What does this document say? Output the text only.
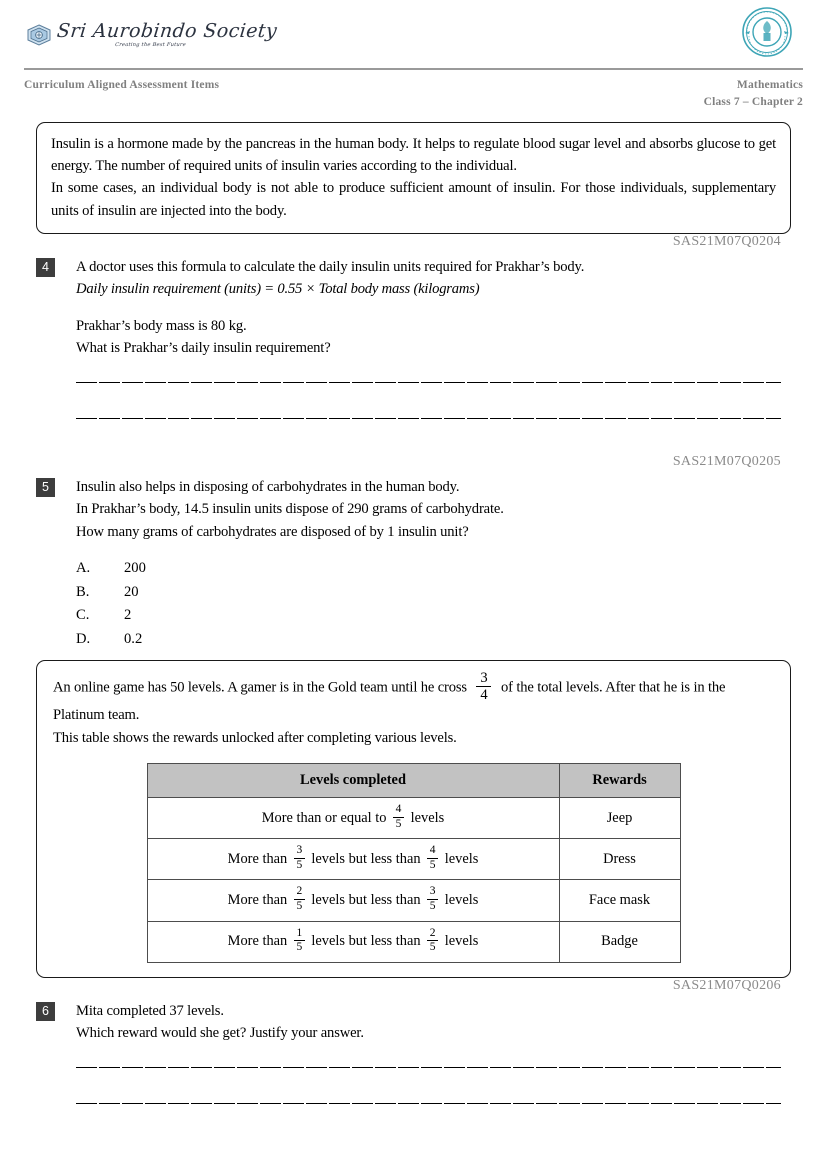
Sri Aurobindo Society
Creating the Best Future
Curriculum Aligned Assessment Items	Mathematics
Class 7 – Chapter 2

Insulin is a hormone made by the pancreas in the human body. It helps to regulate blood sugar level and absorbs glucose to get energy. The number of required units of insulin varies according to the individual.

In some cases, an individual body is not able to produce sufficient amount of insulin. For those individuals, supplementary units of insulin are injected into the body.

SAS21M07Q0204
4	A doctor uses this formula to calculate the daily insulin units required for Prakhar’s body.
Daily insulin requirement (units) = 0.55 × Total body mass (kilograms)
Prakhar’s body mass is 80 kg.
What is Prakhar’s daily insulin requirement?
SAS21M07Q0205
5	Insulin also helps in disposing of carbohydrates in the human body.
In Prakhar’s body, 14.5 insulin units dispose of 290 grams of carbohydrate.
How many grams of carbohydrates are disposed of by 1 insulin unit?
A.	200
B.	20
C.	2
D.	0.2

An online game has 50 levels. A gamer is in the Gold team until he cross $\frac{3}{4}$ of the total levels. After that he is in the Platinum team.

This table shows the rewards unlocked after completing various levels.

Levels completed	Rewards
More than or equal to $\frac{4}{5}$ levels	Jeep
More than $\frac{3}{5}$ levels but less than $\frac{4}{5}$ levels	Dress
More than $\frac{2}{5}$ levels but less than $\frac{3}{5}$ levels	Face mask
More than $\frac{1}{5}$ levels but less than $\frac{2}{5}$ levels	Badge
SAS21M07Q0206
6	Mita completed 37 levels.
Which reward would she get? Justify your answer.
